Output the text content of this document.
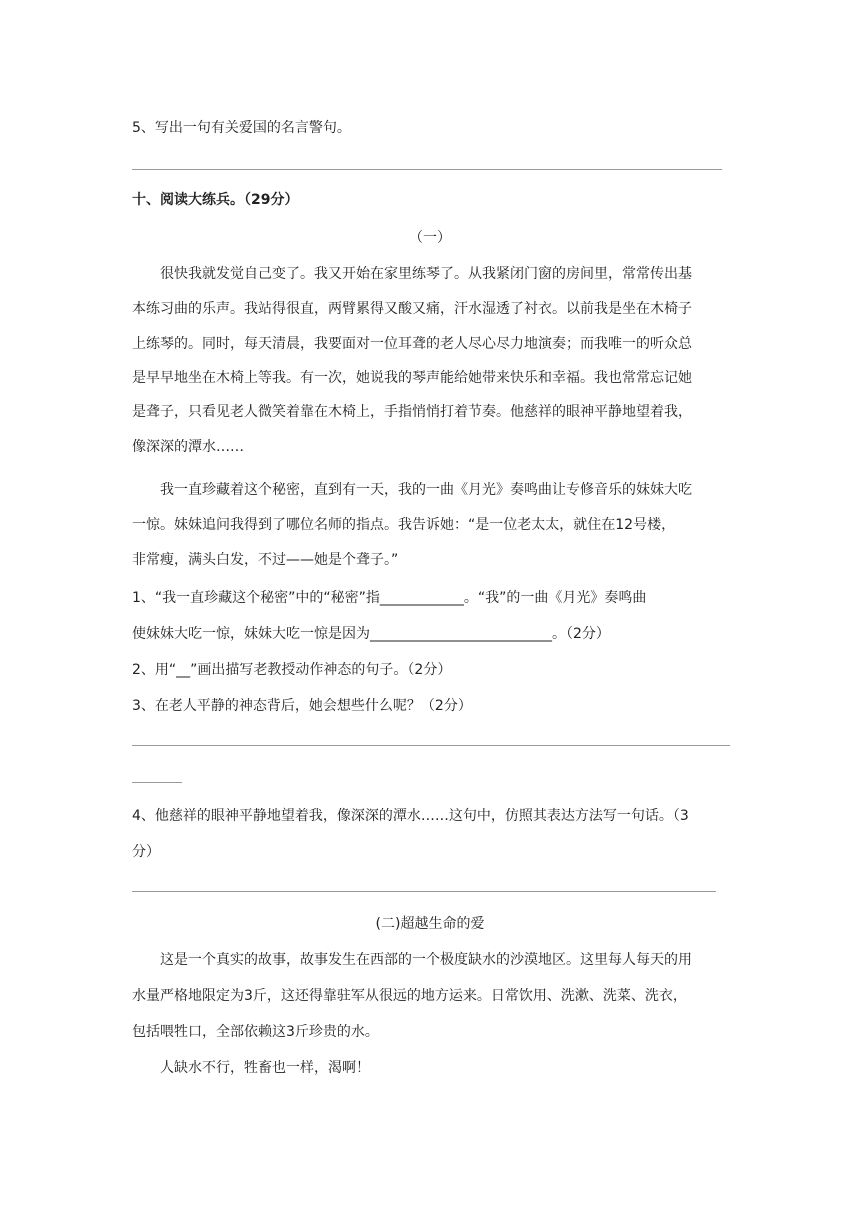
5、写出一句有关爱国的名言警句。
十、阅读大练兵。（29分）
（一）
很快我就发觉自己变了。我又开始在家里练琴了。从我紧闭门窗的房间里，常常传出基
本练习曲的乐声。我站得很直，两臂累得又酸又痛，汗水湿透了衬衣。以前我是坐在木椅子
上练琴的。同时，每天清晨，我要面对一位耳聋的老人尽心尽力地演奏；而我唯一的听众总
是早早地坐在木椅上等我。有一次，她说我的琴声能给她带来快乐和幸福。我也常常忘记她
是聋子，只看见老人微笑着靠在木椅上，手指悄悄打着节奏。他慈祥的眼神平静地望着我，
像深深的潭水……
我一直珍藏着这个秘密，直到有一天，我的一曲《月光》奏鸣曲让专修音乐的妹妹大吃
一惊。妹妹追问我得到了哪位名师的指点。我告诉她：“是一位老太太，就住在12号楼，
非常瘦，满头白发，不过——她是个聋子。”
1、“我一直珍藏这个秘密”中的“秘密”指____________。“我”的一曲《月光》奏鸣曲
使妹妹大吃一惊，妹妹大吃一惊是因为__________________________。（2分）
2、用“__”画出描写老教授动作神态的句子。（2分）
3、在老人平静的神态背后，她会想些什么呢？（2分）
4、他慈祥的眼神平静地望着我，像深深的潭水……这句中，仿照其表达方法写一句话。（3
分）
(二)超越生命的爱
这是一个真实的故事，故事发生在西部的一个极度缺水的沙漠地区。这里每人每天的用
水量严格地限定为3斤，这还得靠驻军从很远的地方运来。日常饮用、洗漱、洗菜、洗衣，
包括喂牲口，全部依赖这3斤珍贵的水。
人缺水不行，牲畜也一样，渴啊！
